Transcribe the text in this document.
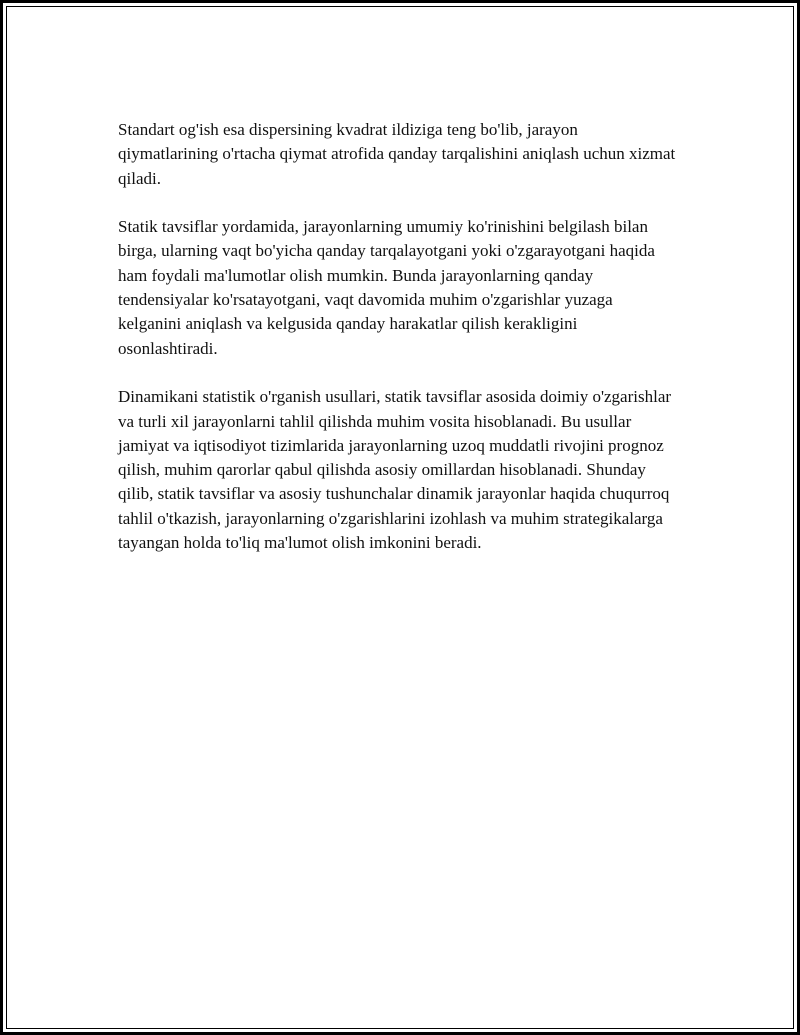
Standart og'ish esa dispersining kvadrat ildiziga teng bo'lib, jarayon qiymatlarining o'rtacha qiymat atrofida qanday tarqalishini aniqlash uchun xizmat qiladi.

Statik tavsiflar yordamida, jarayonlarning umumiy ko'rinishini belgilash bilan birga, ularning vaqt bo'yicha qanday tarqalayotgani yoki o'zgarayotgani haqida ham foydali ma'lumotlar olish mumkin. Bunda jarayonlarning qanday tendensiyalar ko'rsatayotgani, vaqt davomida muhim o'zgarishlar yuzaga kelganini aniqlash va kelgusida qanday harakatlar qilish kerakligini osonlashtiradi.

Dinamikani statistik o'rganish usullari, statik tavsiflar asosida doimiy o'zgarishlar va turli xil jarayonlarni tahlil qilishda muhim vosita hisoblanadi. Bu usullar jamiyat va iqtisodiyot tizimlarida jarayonlarning uzoq muddatli rivojini prognoz qilish, muhim qarorlar qabul qilishda asosiy omillardan hisoblanadi. Shunday qilib, statik tavsiflar va asosiy tushunchalar dinamik jarayonlar haqida chuqurroq tahlil o'tkazish, jarayonlarning o'zgarishlarini izohlash va muhim strategikalarga tayangan holda to'liq ma'lumot olish imkonini beradi.
